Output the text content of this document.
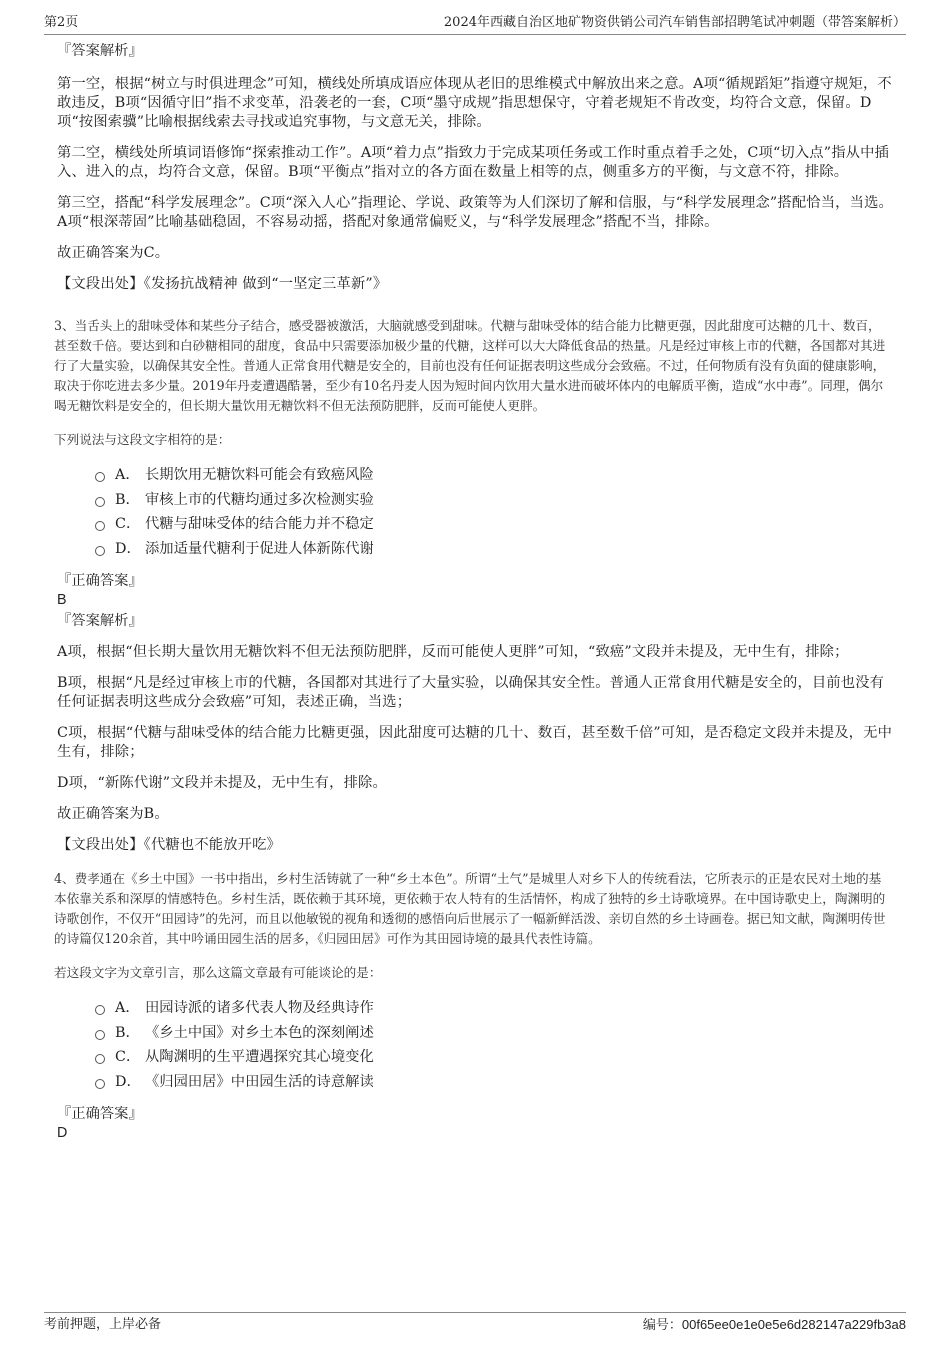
第2页	2024年西藏自治区地矿物资供销公司汽车销售部招聘笔试冲刺题（带答案解析）

『答案解析』

第一空，根据“树立与时俱进理念”可知，横线处所填成语应体现从老旧的思维模式中解放出来之意。A项“循规蹈矩”指遵守规矩，不敢违反，B项“因循守旧”指不求变革，沿袭老的一套，C项“墨守成规”指思想保守，守着老规矩不肯改变，均符合文意，保留。D项“按图索骥”比喻根据线索去寻找或追究事物，与文意无关，排除。

第二空，横线处所填词语修饰“探索推动工作”。A项“着力点”指致力于完成某项任务或工作时重点着手之处，C项“切入点”指从中插入、进入的点，均符合文意，保留。B项“平衡点”指对立的各方面在数量上相等的点，侧重多方的平衡，与文意不符，排除。

第三空，搭配“科学发展理念”。C项“深入人心”指理论、学说、政策等为人们深切了解和信服，与“科学发展理念”搭配恰当，当选。A项“根深蒂固”比喻基础稳固，不容易动摇，搭配对象通常偏贬义，与“科学发展理念”搭配不当，排除。

故正确答案为C。

【文段出处】《发扬抗战精神 做到“一坚定三革新”》

3、当舌头上的甜味受体和某些分子结合，感受器被激活，大脑就感受到甜味。代糖与甜味受体的结合能力比糖更强，因此甜度可达糖的几十、数百，甚至数千倍。要达到和白砂糖相同的甜度，食品中只需要添加极少量的代糖，这样可以大大降低食品的热量。凡是经过审核上市的代糖，各国都对其进行了大量实验，以确保其安全性。普通人正常食用代糖是安全的，目前也没有任何证据表明这些成分会致癌。不过，任何物质有没有负面的健康影响，取决于你吃进去多少量。2019年丹麦遭遇酷暑，至少有10名丹麦人因为短时间内饮用大量水进而破坏体内的电解质平衡，造成“水中毒”。同理，偶尔喝无糖饮料是安全的，但长期大量饮用无糖饮料不但无法预防肥胖，反而可能使人更胖。

下列说法与这段文字相符的是：

A． 长期饮用无糖饮料可能会有致癌风险
B． 审核上市的代糖均通过多次检测实验
C． 代糖与甜味受体的结合能力并不稳定
D． 添加适量代糖利于促进人体新陈代谢

『正确答案』

B

『答案解析』

A项，根据“但长期大量饮用无糖饮料不但无法预防肥胖，反而可能使人更胖”可知，“致癌”文段并未提及，无中生有，排除；

B项，根据“凡是经过审核上市的代糖，各国都对其进行了大量实验，以确保其安全性。普通人正常食用代糖是安全的，目前也没有任何证据表明这些成分会致癌”可知，表述正确，当选；

C项，根据“代糖与甜味受体的结合能力比糖更强，因此甜度可达糖的几十、数百，甚至数千倍”可知，是否稳定文段并未提及，无中生有，排除；

D项，“新陈代谢”文段并未提及，无中生有，排除。

故正确答案为B。

【文段出处】《代糖也不能放开吃》

4、费孝通在《乡土中国》一书中指出，乡村生活铸就了一种“乡土本色”。所谓“土气”是城里人对乡下人的传统看法，它所表示的正是农民对土地的基本依靠关系和深厚的情感特色。乡村生活，既依赖于其环境，更依赖于农人特有的生活情怀，构成了独特的乡土诗歌境界。在中国诗歌史上，陶渊明的诗歌创作，不仅开“田园诗”的先河，而且以他敏锐的视角和透彻的感悟向后世展示了一幅新鲜活泼、亲切自然的乡土诗画卷。据已知文献，陶渊明传世的诗篇仅120余首，其中吟诵田园生活的居多，《归园田居》可作为其田园诗境的最具代表性诗篇。

若这段文字为文章引言，那么这篇文章最有可能谈论的是：

A． 田园诗派的诸多代表人物及经典诗作
B． 《乡土中国》对乡土本色的深刻阐述
C． 从陶渊明的生平遭遇探究其心境变化
D． 《归园田居》中田园生活的诗意解读

『正确答案』

D

考前押题，上岸必备	编号：00f65ee0e1e0e5e6d282147a229fb3a8
